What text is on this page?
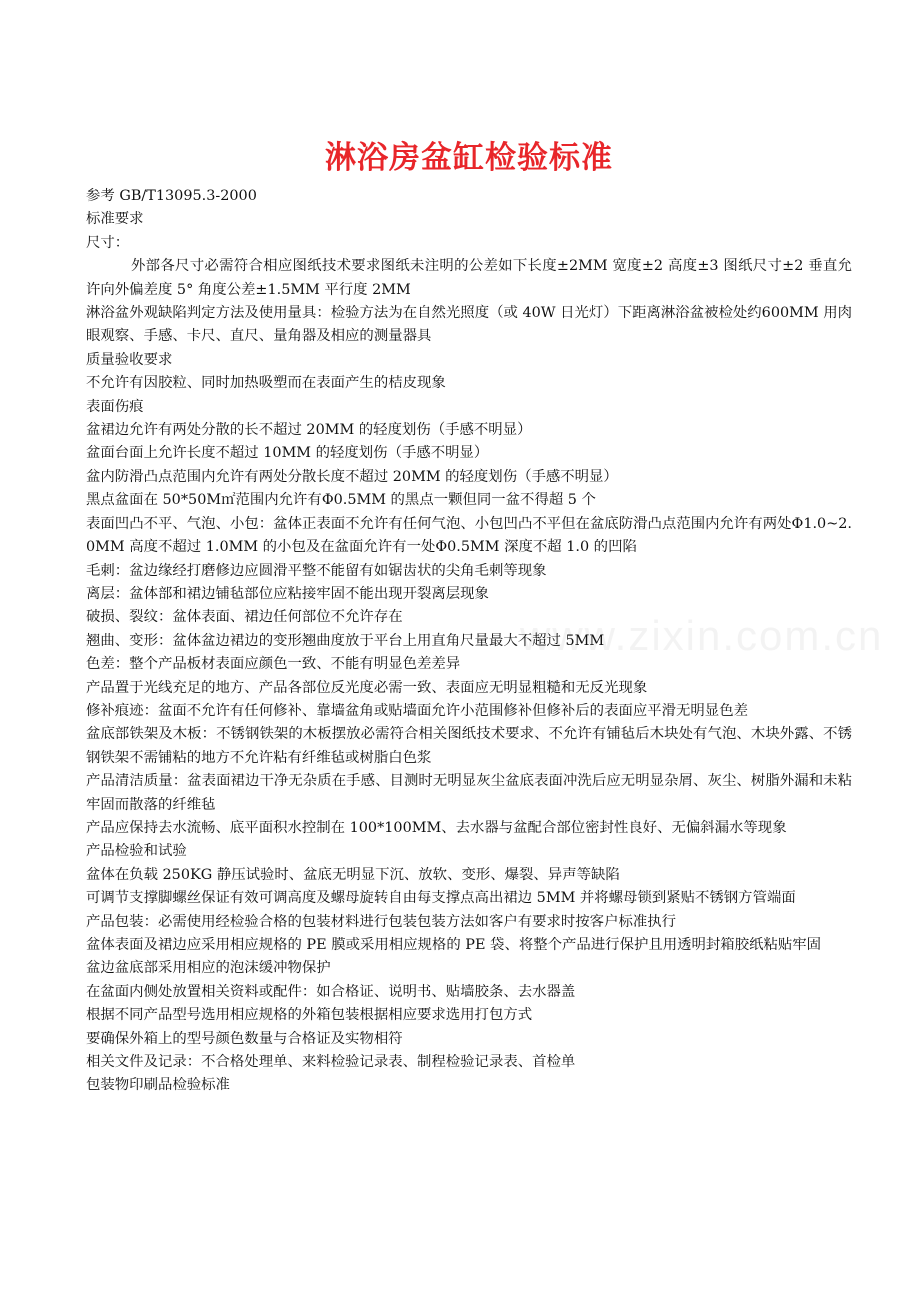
www.zixin.com.cn
淋浴房盆缸检验标准

参考 GB/T13095.3-2000

标准要求

尺寸：

外部各尺寸必需符合相应图纸技术要求图纸未注明的公差如下长度±2MM 宽度±2 高度±3 图纸尺寸±2 垂直允许向外偏差度 5° 角度公差±1.5MM 平行度 2MM

淋浴盆外观缺陷判定方法及使用量具：检验方法为在自然光照度（或 40W 日光灯）下距离淋浴盆被检处约600MM 用肉眼观察、手感、卡尺、直尺、量角器及相应的测量器具

质量验收要求

不允许有因胶粒、同时加热吸塑而在表面产生的桔皮现象

表面伤痕

盆裙边允许有两处分散的长不超过 20MM 的轻度划伤（手感不明显）

盆面台面上允许长度不超过 10MM 的轻度划伤（手感不明显）

盆内防滑凸点范围内允许有两处分散长度不超过 20MM 的轻度划伤（手感不明显）

黑点盆面在 50*50M㎡范围内允许有Φ0.5MM 的黑点一颗但同一盆不得超 5 个

表面凹凸不平、气泡、小包：盆体正表面不允许有任何气泡、小包凹凸不平但在盆底防滑凸点范围内允许有两处Φ1.0~2.0MM 高度不超过 1.0MM 的小包及在盆面允许有一处Φ0.5MM 深度不超 1.0 的凹陷

毛刺：盆边缘经打磨修边应圆滑平整不能留有如锯齿状的尖角毛刺等现象

离层：盆体部和裙边铺毡部位应粘接牢固不能出现开裂离层现象

破损、裂纹：盆体表面、裙边任何部位不允许存在

翘曲、变形：盆体盆边裙边的变形翘曲度放于平台上用直角尺量最大不超过 5MM

色差：整个产品板材表面应颜色一致、不能有明显色差差异

产品置于光线充足的地方、产品各部位反光度必需一致、表面应无明显粗糙和无反光现象

修补痕迹：盆面不允许有任何修补、靠墙盆角或贴墙面允许小范围修补但修补后的表面应平滑无明显色差

盆底部铁架及木板：不锈钢铁架的木板摆放必需符合相关图纸技术要求、不允许有铺毡后木块处有气泡、木块外露、不锈钢铁架不需铺粘的地方不允许粘有纤维毡或树脂白色浆

产品清洁质量：盆表面裙边干净无杂质在手感、目测时无明显灰尘盆底表面冲洗后应无明显杂屑、灰尘、树脂外漏和未粘牢固而散落的纤维毡

产品应保持去水流畅、底平面积水控制在 100*100MM、去水器与盆配合部位密封性良好、无偏斜漏水等现象

产品检验和试验

盆体在负载 250KG 静压试验时、盆底无明显下沉、放软、变形、爆裂、异声等缺陷

可调节支撑脚螺丝保证有效可调高度及螺母旋转自由每支撑点高出裙边 5MM 并将螺母锁到紧贴不锈钢方管端面

产品包装：必需使用经检验合格的包装材料进行包装包装方法如客户有要求时按客户标准执行

盆体表面及裙边应采用相应规格的 PE 膜或采用相应规格的 PE 袋、将整个产品进行保护且用透明封箱胶纸粘贴牢固

盆边盆底部采用相应的泡沫缓冲物保护

在盆面内侧处放置相关资料或配件：如合格证、说明书、贴墙胶条、去水器盖

根据不同产品型号选用相应规格的外箱包装根据相应要求选用打包方式

要确保外箱上的型号颜色数量与合格证及实物相符

相关文件及记录：不合格处理单、来料检验记录表、制程检验记录表、首检单

包装物印刷品检验标准
